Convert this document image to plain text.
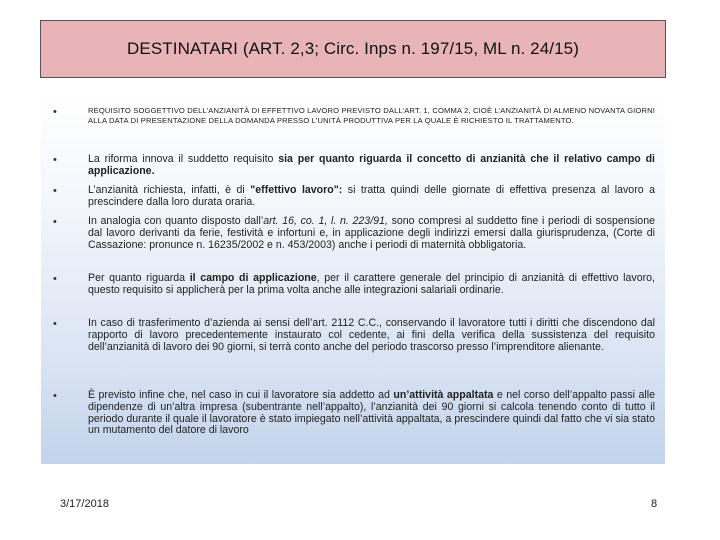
DESTINATARI (ART. 2,3; Circ. Inps n. 197/15, ML n. 24/15)
•	REQUISITO SOGGETTIVO DELL’ANZIANITÀ DI EFFETTIVO LAVORO PREVISTO DALL’ART. 1, COMMA 2, CIOÈ L’ANZIANITÀ DI ALMENO NOVANTA GIORNI ALLA DATA DI PRESENTAZIONE DELLA DOMANDA PRESSO L’UNITÀ PRODUTTIVA PER LA QUALE È RICHIESTO IL TRATTAMENTO.
•	La riforma innova il suddetto requisito sia per quanto riguarda il concetto di anzianità che il relativo campo di applicazione.
•	L’anzianità richiesta, infatti, è di "effettivo lavoro": si tratta quindi delle giornate di effettiva presenza al lavoro a prescindere dalla loro durata oraria.
•	In analogia con quanto disposto dall’art. 16, co. 1, l. n. 223/91, sono compresi al suddetto fine i periodi di sospensione dal lavoro derivanti da ferie, festività e infortuni e, in applicazione degli indirizzi emersi dalla giurisprudenza, (Corte di Cassazione: pronunce n. 16235/2002 e n. 453/2003) anche i periodi di maternità obbligatoria.
•	Per quanto riguarda il campo di applicazione, per il carattere generale del principio di anzianità di effettivo lavoro, questo requisito si applicherà per la prima volta anche alle integrazioni salariali ordinarie.
•	In caso di trasferimento d’azienda ai sensi dell’art. 2112 C.C., conservando il lavoratore tutti i diritti che discendono dal rapporto di lavoro precedentemente instaurato col cedente, ai fini della verifica della sussistenza del requisito dell’anzianità di lavoro dei 90 giorni, si terrà conto anche del periodo trascorso presso l’imprenditore alienante.
•	È previsto infine che, nel caso in cui il lavoratore sia addetto ad un’attività appaltata e nel corso dell’appalto passi alle dipendenze di un’altra impresa (subentrante nell’appalto), l’anzianità dei 90 giorni si calcola tenendo conto di tutto il periodo durante il quale il lavoratore è stato impiegato nell’attività appaltata, a prescindere quindi dal fatto che vi sia stato un mutamento del datore di lavoro
3/17/2018	8
